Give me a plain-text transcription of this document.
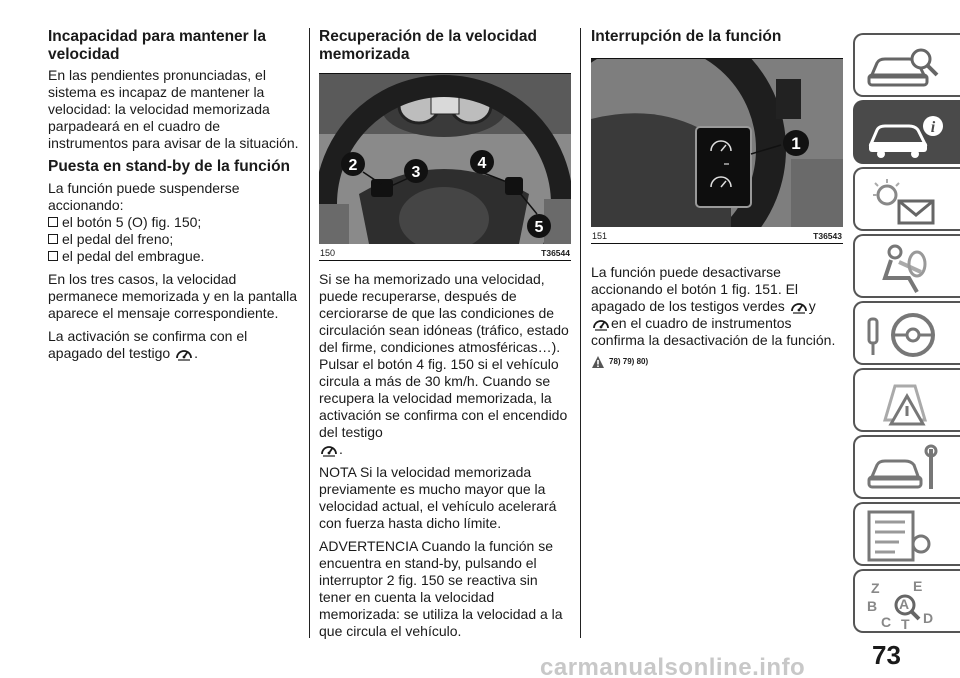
Incapacidad para mantener la velocidad

En las pendientes pronunciadas, el sistema es incapaz de mantener la velocidad: la velocidad memorizada parpadeará en el cuadro de instrumentos para avisar de la situación.

Puesta en stand-by de la función

La función puede suspenderse accionando:

el botón 5 (O) fig. 150;
el pedal del freno;
el pedal del embrague.

En los tres casos, la velocidad permanece memorizada y en la pantalla aparece el mensaje correspondiente.

La activación se confirma con el apagado del testigo .

Recuperación de la velocidad memorizada
2	3
4
5
150	T36544

Si se ha memorizado una velocidad, puede recuperarse, después de cerciorarse de que las condiciones de circulación sean idóneas (tráfico, estado del firme, condiciones atmosféricas…). Pulsar el botón 4 fig. 150 si el vehículo circula a más de 30 km/h. Cuando se recupera la velocidad memorizada, la activación se confirma con el encendido del testigo
.

NOTA Si la velocidad memorizada previamente es mucho mayor que la velocidad actual, el vehículo acelerará con fuerza hasta dicho límite.

ADVERTENCIA Cuando la función se encuentra en stand-by, pulsando el interruptor 2 fig. 150 se reactiva sin tener en cuenta la velocidad memorizada: se utiliza la velocidad a la que circula el vehículo.

Interrupción de la función
1
151	T36543

La función puede desactivarse accionando el botón 1 fig. 151. El apagado de los testigos verdes y
en el cuadro de instrumentos confirma la desactivación de la función.

78) 79) 80)
i
Z E
B A
C D
T
73
carmanualsonline.info
